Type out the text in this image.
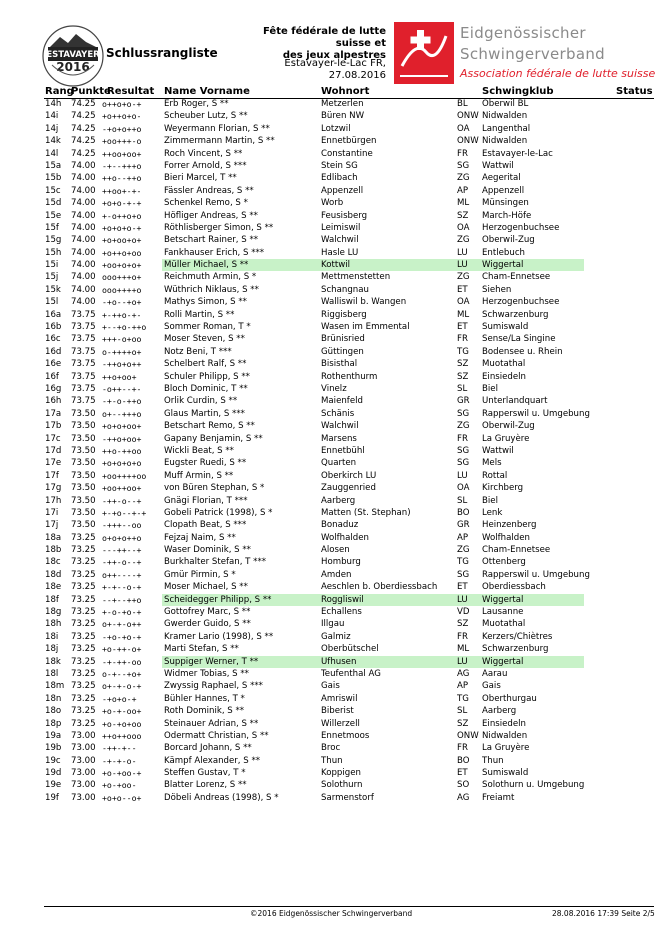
ESTAVAYER
2016
Schlussrangliste
Fête fédérale de lutte suisse et
des jeux alpestres
Estavayer-le-Lac FR, 27.08.2016
Eidgenössischer
Schwingerverband
Association fédérale de lutte suisse
Rang
Punkte
Resultat Name Vorname	Wohnort	Schwingklub	Status
14h	74.25 o++o+o-+	Erb Roger, S **	Metzerlen	BL	Oberwil BL
14i	74.25 +o++o+o-	Scheuber Lutz, S **	Büren NW	ONW Nidwalden
14j	74.25 -+o+o++o	Weyermann Florian, S **	Lotzwil	OA	Langenthal
14k	74.25 +oo+++-o	Zimmermann Martin, S **	Ennetbürgen	ONW Nidwalden
14l	74.25 ++oo+oo+	Roch Vincent, S **	Constantine	FR	Estavayer-le-Lac
15a	74.00 -+--+++o	Forrer Arnold, S ***	Stein SG	SG	Wattwil
15b	74.00 ++o--++o	Bieri Marcel, T **	Edlibach	ZG	Aegerital
15c	74.00 ++oo+-+-	Fässler Andreas, S **	Appenzell	AP	Appenzell
15d	74.00 +o+o-+-+	Schenkel Remo, S *	Worb	ML	Münsingen
15e	74.00 +-o++o+o	Höfliger Andreas, S **	Feusisberg	SZ	March-Höfe
15f	74.00 +o+o+o-+	Röthlisberger Simon, S **	Leimiswil	OA	Herzogenbuchsee
15g	74.00 +o+oo+o+	Betschart Rainer, S **	Walchwil	ZG	Oberwil-Zug
15h	74.00 +o++o+oo	Fankhauser Erich, S ***	Hasle LU	LU	Entlebuch
15i	74.00 +oo+o+o+	Müller Michael, S **	Kottwil	LU	Wiggertal
15j	74.00 ooo+++o+	Reichmuth Armin, S *	Mettmenstetten	ZG	Cham-Ennetsee
15k	74.00 ooo++++o	Wüthrich Niklaus, S **	Schangnau	ET	Siehen
15l	74.00 -+o--+o+	Mathys Simon, S **	Walliswil b. Wangen	OA	Herzogenbuchsee
16a	73.75 +-++o-+-	Rolli Martin, S **	Riggisberg	ML	Schwarzenburg
16b	73.75 +--+o-++o Sommer Roman, T *	Wasen im Emmental	ET	Sumiswald
16c	73.75 +++-o+oo	Moser Steven, S **	Brünisried	FR	Sense/La Singine
16d	73.75 o-++++o+	Notz Beni, T ***	Güttingen	TG	Bodensee u. Rhein
16e	73.75 -++o+o++	Schelbert Ralf, S **	Bisisthal	SZ	Muotathal
16f	73.75 ++o+oo+	Schuler Philipp, S **	Rothenthurm	SZ	Einsiedeln
16g	73.75 -o++--+-	Bloch Dominic, T **	Vinelz	SL	Biel
16h	73.75 -+-o-++o	Orlik Curdin, S **	Maienfeld	GR	Unterlandquart
17a	73.50 o+--+++o	Glaus Martin, S ***	Schänis	SG	Rapperswil u. Umgebung
17b	73.50 +o+o+oo+	Betschart Remo, S **	Walchwil	ZG	Oberwil-Zug
17c	73.50 -++o+oo+	Gapany Benjamin, S **	Marsens	FR	La Gruyère
17d	73.50 ++o-++oo	Wickli Beat, S **	Ennetbühl	SG	Wattwil
17e	73.50 +o+o+o+o	Eugster Ruedi, S **	Quarten	SG	Mels
17f	73.50 +oo++++oo Muff Armin, S **	Oberkirch LU	LU	Rottal
17g	73.50 +oo++oo+	von Büren Stephan, S *	Zauggenried	OA	Kirchberg
17h	73.50 -++-o--+	Gnägi Florian, T ***	Aarberg	SL	Biel
17i	73.50 +-+o--+-+ Gobeli Patrick (1998), S *	Matten (St. Stephan)	BO	Lenk
17j	73.50 -+++--oo	Clopath Beat, S ***	Bonaduz	GR	Heinzenberg
18a	73.25 o+o+o++o	Fejzaj Naim, S **	Wolfhalden	AP	Wolfhalden
18b	73.25 ---++--+	Waser Dominik, S **	Alosen	ZG	Cham-Ennetsee
18c	73.25 -++-o--+	Burkhalter Stefan, T ***	Homburg	TG	Ottenberg
18d	73.25 o++----+	Gmür Pirmin, S *	Amden	SG	Rapperswil u. Umgebung
18e	73.25 +-+--o-+	Moser Michael, S **	Aeschlen b. Oberdiessbach	ET	Oberdiessbach
18f	73.25 --+--++o	Scheidegger Philipp, S **	Roggliswil	LU	Wiggertal
18g	73.25 +-o-+o-+	Gottofrey Marc, S **	Echallens	VD	Lausanne
18h	73.25 o+-+-o++	Gwerder Guido, S **	Illgau	SZ	Muotathal
18i	73.25 -+o-+o-+	Kramer Lario (1998), S **	Galmiz	FR	Kerzers/Chiètres
18j	73.25 +o-++-o+	Marti Stefan, S **	Oberbütschel	ML	Schwarzenburg
18k	73.25 -+-++-oo	Suppiger Werner, T **	Ufhusen	LU	Wiggertal
18l	73.25 o-+--+o+	Widmer Tobias, S **	Teufenthal AG	AG	Aarau
18m 73.25 o+-+-o-+	Zwyssig Raphael, S ***	Gais	AP	Gais
18n	73.25 -+o+o-+	Bühler Hannes, T *	Amriswil	TG	Oberthurgau
18o	73.25 +o-+-oo+	Roth Dominik, S **	Biberist	SL	Aarberg
18p	73.25 +o-+o+oo	Steinauer Adrian, S **	Willerzell	SZ	Einsiedeln
19a	73.00 ++o++ooo	Odermatt Christian, S **	Ennetmoos	ONW Nidwalden
19b	73.00 -++-+--	Borcard Johann, S **	Broc	FR	La Gruyère
19c	73.00 -+-+-o-	Kämpf Alexander, S **	Thun	BO	Thun
19d	73.00 +o-+oo-+	Steffen Gustav, T *	Koppigen	ET	Sumiswald
19e	73.00 +o-+oo-	Blatter Lorenz, S **	Solothurn	SO	Solothurn u. Umgebung
19f	73.00 +o+o--o+	Döbeli Andreas (1998), S *	Sarmenstorf	AG	Freiamt
©2016 Eidgenössischer Schwingerverband	28.08.2016 17:39 Seite 2/5
